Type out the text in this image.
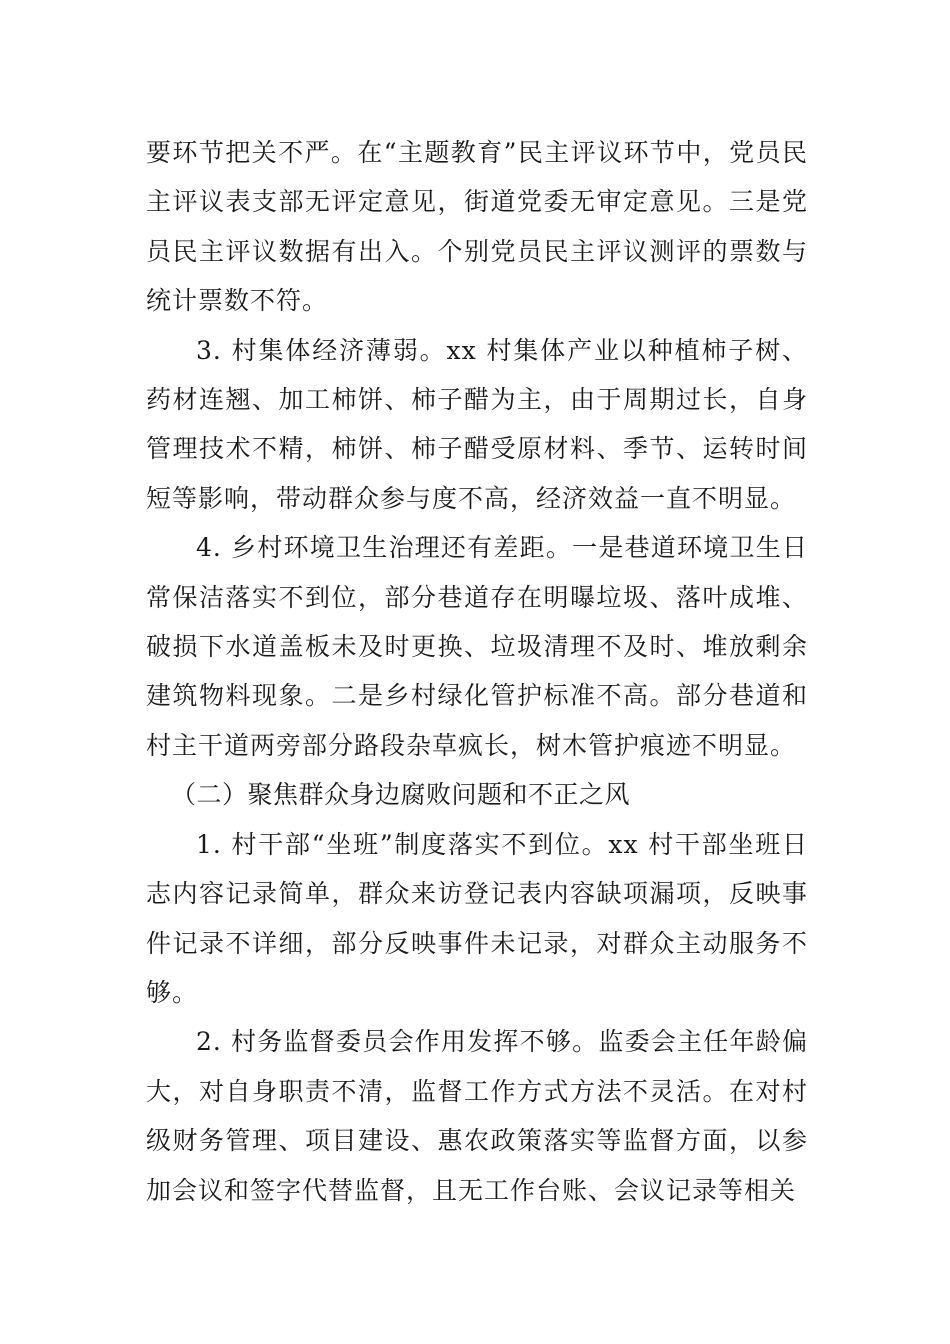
要环节把关不严。在“主题教育”民主评议环节中，党员民主评议表支部无评定意见，街道党委无审定意见。三是党员民主评议数据有出入。个别党员民主评议测评的票数与统计票数不符。

3. 村集体经济薄弱。xx 村集体产业以种植柿子树、药材连翘、加工柿饼、柿子醋为主，由于周期过长，自身管理技术不精，柿饼、柿子醋受原材料、季节、运转时间短等影响，带动群众参与度不高，经济效益一直不明显。

4. 乡村环境卫生治理还有差距。一是巷道环境卫生日常保洁落实不到位，部分巷道存在明曝垃圾、落叶成堆、破损下水道盖板未及时更换、垃圾清理不及时、堆放剩余建筑物料现象。二是乡村绿化管护标准不高。部分巷道和村主干道两旁部分路段杂草疯长，树木管护痕迹不明显。

（二）聚焦群众身边腐败问题和不正之风

1. 村干部“坐班”制度落实不到位。xx 村干部坐班日志内容记录简单，群众来访登记表内容缺项漏项，反映事件记录不详细，部分反映事件未记录，对群众主动服务不够。

2. 村务监督委员会作用发挥不够。监委会主任年龄偏大，对自身职责不清，监督工作方式方法不灵活。在对村级财务管理、项目建设、惠农政策落实等监督方面，以参加会议和签字代替监督，且无工作台账、会议记录等相关
